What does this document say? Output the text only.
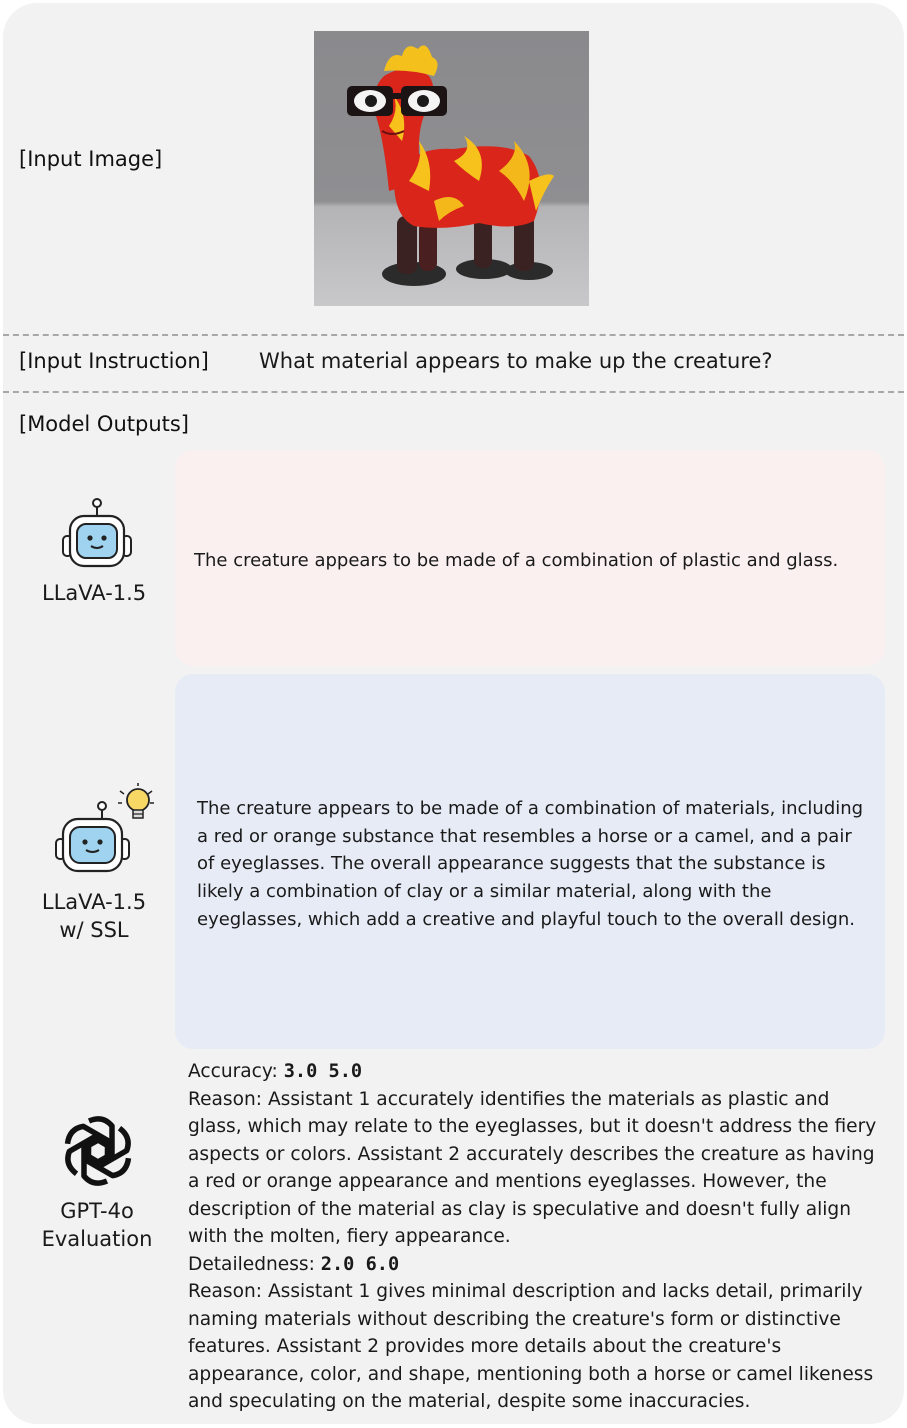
[Input Image]
[Input Instruction] What material appears to make up the creature?
[Model Outputs]
LLaVA-1.5
The creature appears to be made of a combination of plastic and glass.
LLaVA-1.5
w/ SSL
The creature appears to be made of a combination of materials, including a red or orange substance that resembles a horse or a camel, and a pair of eyeglasses. The overall appearance suggests that the substance is likely a combination of clay or a similar material, along with the eyeglasses, which add a creative and playful touch to the overall design.
GPT-4o
Evaluation

Accuracy: 3.0 5.0

Reason: Assistant 1 accurately identifies the materials as plastic and glass, which may relate to the eyeglasses, but it doesn't address the fiery aspects or colors. Assistant 2 accurately describes the creature as having a red or orange appearance and mentions eyeglasses. However, the description of the material as clay is speculative and doesn't fully align with the molten, fiery appearance.

Detailedness: 2.0 6.0

Reason: Assistant 1 gives minimal description and lacks detail, primarily naming materials without describing the creature's form or distinctive features. Assistant 2 provides more details about the creature's appearance, color, and shape, mentioning both a horse or camel likeness and speculating on the material, despite some inaccuracies.
